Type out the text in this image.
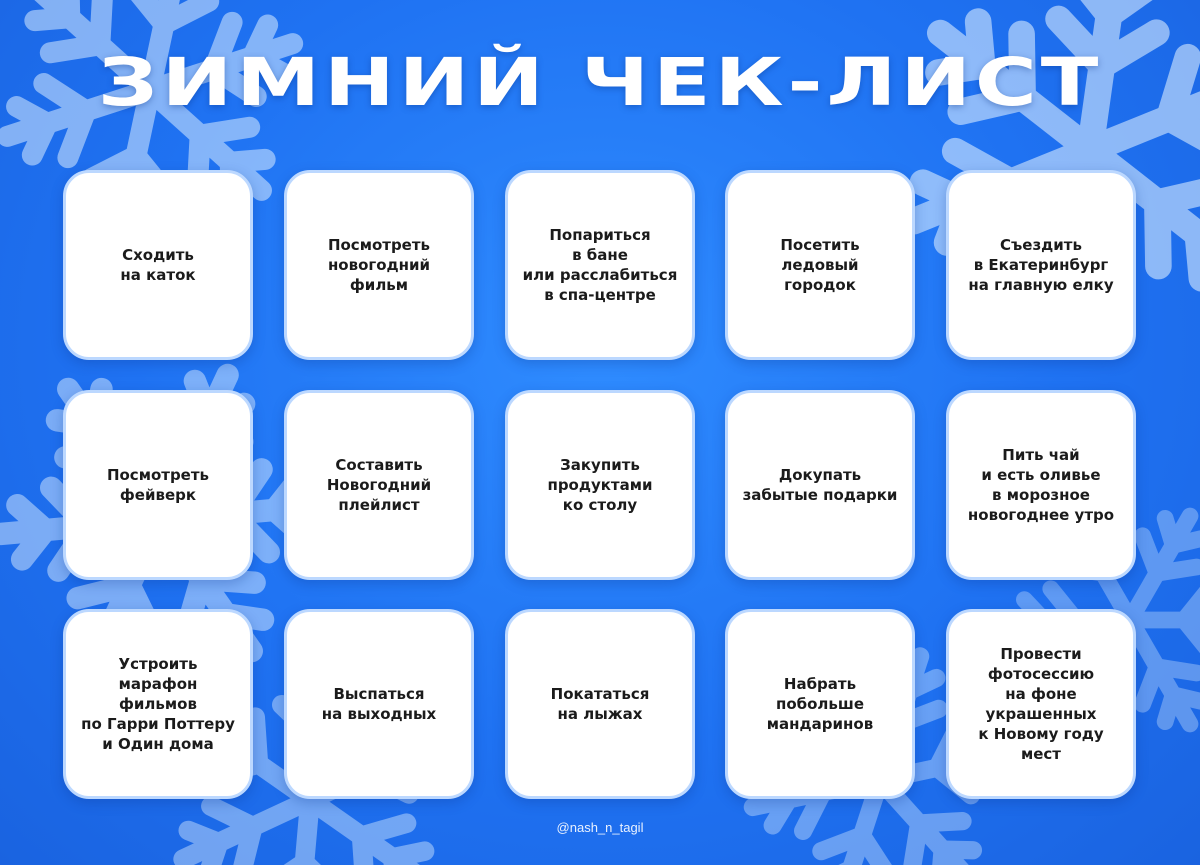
ЗИМНИЙ ЧЕК-ЛИСТ
Сходить
на каток
Посмотреть
новогодний
фильм
Попариться
в бане
или расслабиться
в спа-центре
Посетить
ледовый
городок
Съездить
в Екатеринбург
на главную елку
Посмотреть
фейверк
Составить
Новогодний
плейлист
Закупить
продуктами
ко столу
Докупать
забытые подарки
Пить чай
и есть оливье
в морозное
новогоднее утро
Устроить
марафон
фильмов
по Гарри Поттеру
и Один дома
Выспаться
на выходных
Покататься
на лыжах
Набрать
побольше
мандаринов
Провести
фотосессию
на фоне
украшенных
к Новому году
мест
@nash_n_tagil
